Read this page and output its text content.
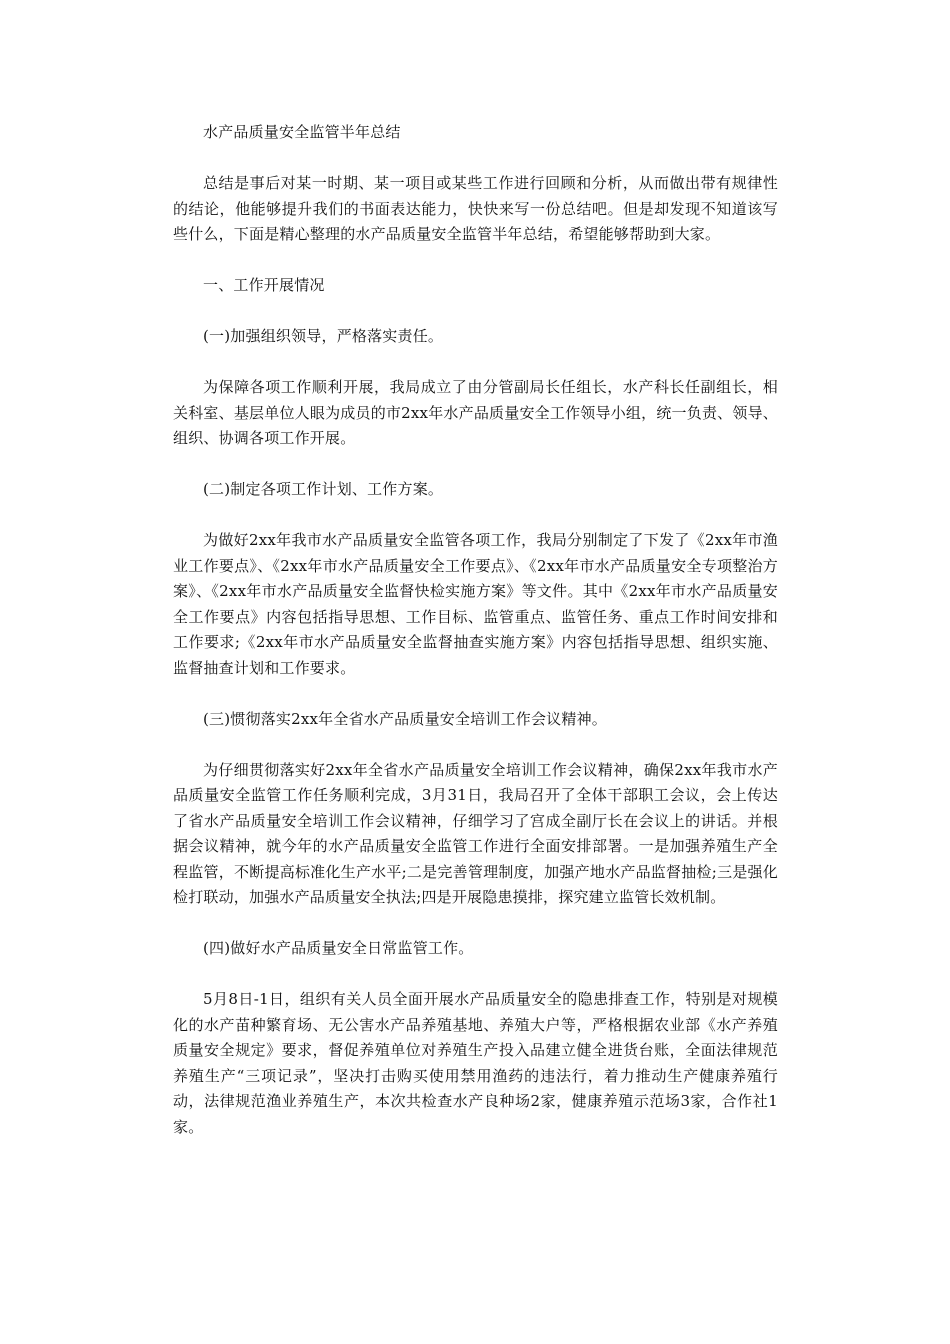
水产品质量安全监管半年总结

总结是事后对某一时期、某一项目或某些工作进行回顾和分析，从而做出带有规律性的结论，他能够提升我们的书面表达能力，快快来写一份总结吧。但是却发现不知道该写些什么，下面是精心整理的水产品质量安全监管半年总结，希望能够帮助到大家。

一、工作开展情况

(一)加强组织领导，严格落实责任。

为保障各项工作顺利开展，我局成立了由分管副局长任组长，水产科长任副组长，相关科室、基层单位人眼为成员的市2xx年水产品质量安全工作领导小组，统一负责、领导、组织、协调各项工作开展。

(二)制定各项工作计划、工作方案。

为做好2xx年我市水产品质量安全监管各项工作，我局分别制定了下发了《2xx年市渔业工作要点》、《2xx年市水产品质量安全工作要点》、《2xx年市水产品质量安全专项整治方案》、《2xx年市水产品质量安全监督快检实施方案》等文件。其中《2xx年市水产品质量安全工作要点》内容包括指导思想、工作目标、监管重点、监管任务、重点工作时间安排和工作要求;《2xx年市水产品质量安全监督抽查实施方案》内容包括指导思想、组织实施、监督抽查计划和工作要求。

(三)惯彻落实2xx年全省水产品质量安全培训工作会议精神。

为仔细贯彻落实好2xx年全省水产品质量安全培训工作会议精神，确保2xx年我市水产品质量安全监管工作任务顺利完成，3月31日，我局召开了全体干部职工会议，会上传达了省水产品质量安全培训工作会议精神，仔细学习了宫成全副厅长在会议上的讲话。并根据会议精神，就今年的水产品质量安全监管工作进行全面安排部署。一是加强养殖生产全程监管，不断提高标准化生产水平;二是完善管理制度，加强产地水产品监督抽检;三是强化检打联动，加强水产品质量安全执法;四是开展隐患摸排，探究建立监管长效机制。

(四)做好水产品质量安全日常监管工作。

5月8日-1日，组织有关人员全面开展水产品质量安全的隐患排查工作，特别是对规模化的水产苗种繁育场、无公害水产品养殖基地、养殖大户等，严格根据农业部《水产养殖质量安全规定》要求，督促养殖单位对养殖生产投入品建立健全进货台账，全面法律规范养殖生产“三项记录”，坚决打击购买使用禁用渔药的违法行，着力推动生产健康养殖行动，法律规范渔业养殖生产，本次共检查水产良种场2家，健康养殖示范场3家，合作社1家。
